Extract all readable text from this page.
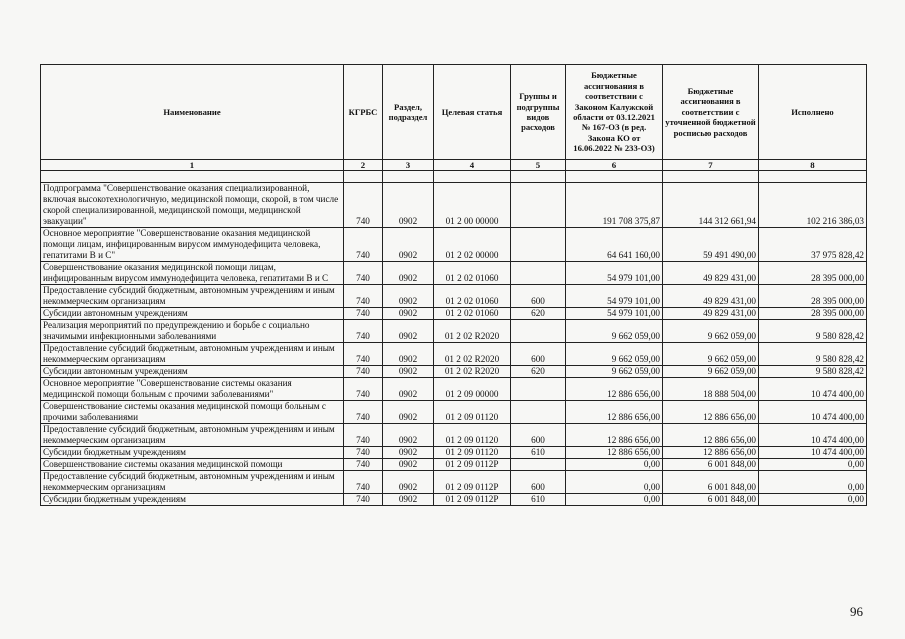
Наименование	КГРБС	Раздел, подраздел	Целевая статья	Группы и подгруппы видов расходов	Бюджетные ассигнования в соответствии с Законом Калужской области от 03.12.2021 № 167-ОЗ (в ред. Закона КО от 16.06.2022 № 233-ОЗ)	Бюджетные ассигнования в соответствии с уточненной бюджетной росписью расходов	Исполнено
1	2	3	4	5	6	7	8

Подпрограмма "Совершенствование оказания специализированной, включая высокотехнологичную, медицинской помощи, скорой, в том числе скорой специализированной, медицинской помощи, медицинской эвакуации"	740	0902	01 2 00 00000		191 708 375,87	144 312 661,94	102 216 386,03
Основное мероприятие "Совершенствование оказания медицинской помощи лицам, инфицированным вирусом иммунодефицита человека, гепатитами В и С"	740	0902	01 2 02 00000		64 641 160,00	59 491 490,00	37 975 828,42
Совершенствование оказания медицинской помощи лицам, инфицированным вирусом иммунодефицита человека, гепатитами В и С	740	0902	01 2 02 01060		54 979 101,00	49 829 431,00	28 395 000,00
Предоставление субсидий бюджетным, автономным учреждениям и иным некоммерческим организациям	740	0902	01 2 02 01060	600	54 979 101,00	49 829 431,00	28 395 000,00
Субсидии автономным учреждениям	740	0902	01 2 02 01060	620	54 979 101,00	49 829 431,00	28 395 000,00
Реализация мероприятий по предупреждению и борьбе с социально значимыми инфекционными заболеваниями	740	0902	01 2 02 R2020		9 662 059,00	9 662 059,00	9 580 828,42
Предоставление субсидий бюджетным, автономным учреждениям и иным некоммерческим организациям	740	0902	01 2 02 R2020	600	9 662 059,00	9 662 059,00	9 580 828,42
Субсидии автономным учреждениям	740	0902	01 2 02 R2020	620	9 662 059,00	9 662 059,00	9 580 828,42
Основное мероприятие "Совершенствование системы оказания медицинской помощи больным с прочими заболеваниями"	740	0902	01 2 09 00000		12 886 656,00	18 888 504,00	10 474 400,00
Совершенствование системы оказания медицинской помощи больным с прочими заболеваниями	740	0902	01 2 09 01120		12 886 656,00	12 886 656,00	10 474 400,00
Предоставление субсидий бюджетным, автономным учреждениям и иным некоммерческим организациям	740	0902	01 2 09 01120	600	12 886 656,00	12 886 656,00	10 474 400,00
Субсидии бюджетным учреждениям	740	0902	01 2 09 01120	610	12 886 656,00	12 886 656,00	10 474 400,00
Совершенствование системы оказания медицинской помощи	740	0902	01 2 09 0112P		0,00	6 001 848,00	0,00
Предоставление субсидий бюджетным, автономным учреждениям и иным некоммерческим организациям	740	0902	01 2 09 0112P	600	0,00	6 001 848,00	0,00
Субсидии бюджетным учреждениям	740	0902	01 2 09 0112P	610	0,00	6 001 848,00	0,00
96
